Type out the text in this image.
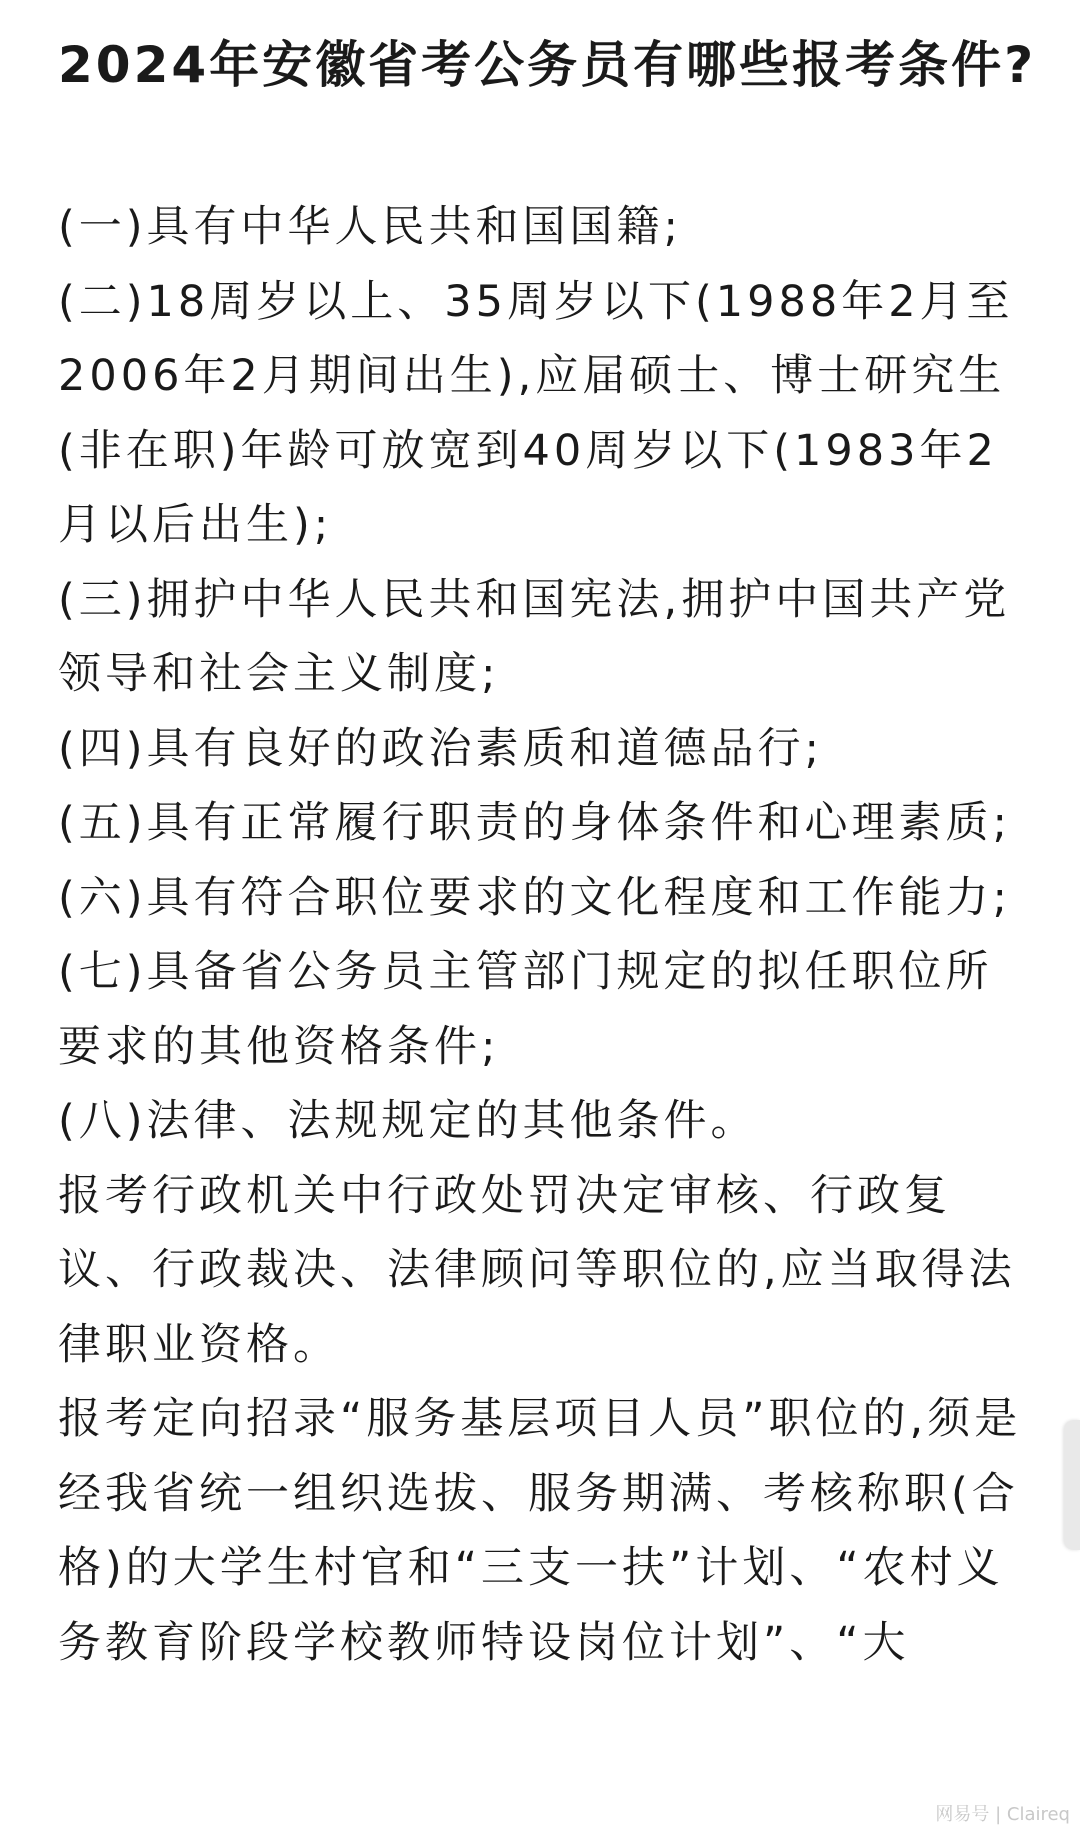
2024年安徽省考公务员有哪些报考条件?

(一)具有中华人民共和国国籍;

(二)18周岁以上、35周岁以下(1988年2月至2006年2月期间出生),应届硕士、博士研究生(非在职)年龄可放宽到40周岁以下(1983年2月以后出生);

(三)拥护中华人民共和国宪法,拥护中国共产党领导和社会主义制度;

(四)具有良好的政治素质和道德品行;

(五)具有正常履行职责的身体条件和心理素质;

(六)具有符合职位要求的文化程度和工作能力;

(七)具备省公务员主管部门规定的拟任职位所要求的其他资格条件;

(八)法律、法规规定的其他条件。

报考行政机关中行政处罚决定审核、行政复议、行政裁决、法律顾问等职位的,应当取得法律职业资格。

报考定向招录“服务基层项目人员”职位的,须是经我省统一组织选拔、服务期满、考核称职(合格)的大学生村官和“三支一扶”计划、“农村义务教育阶段学校教师特设岗位计划”、“大

网易号 | Claireq
